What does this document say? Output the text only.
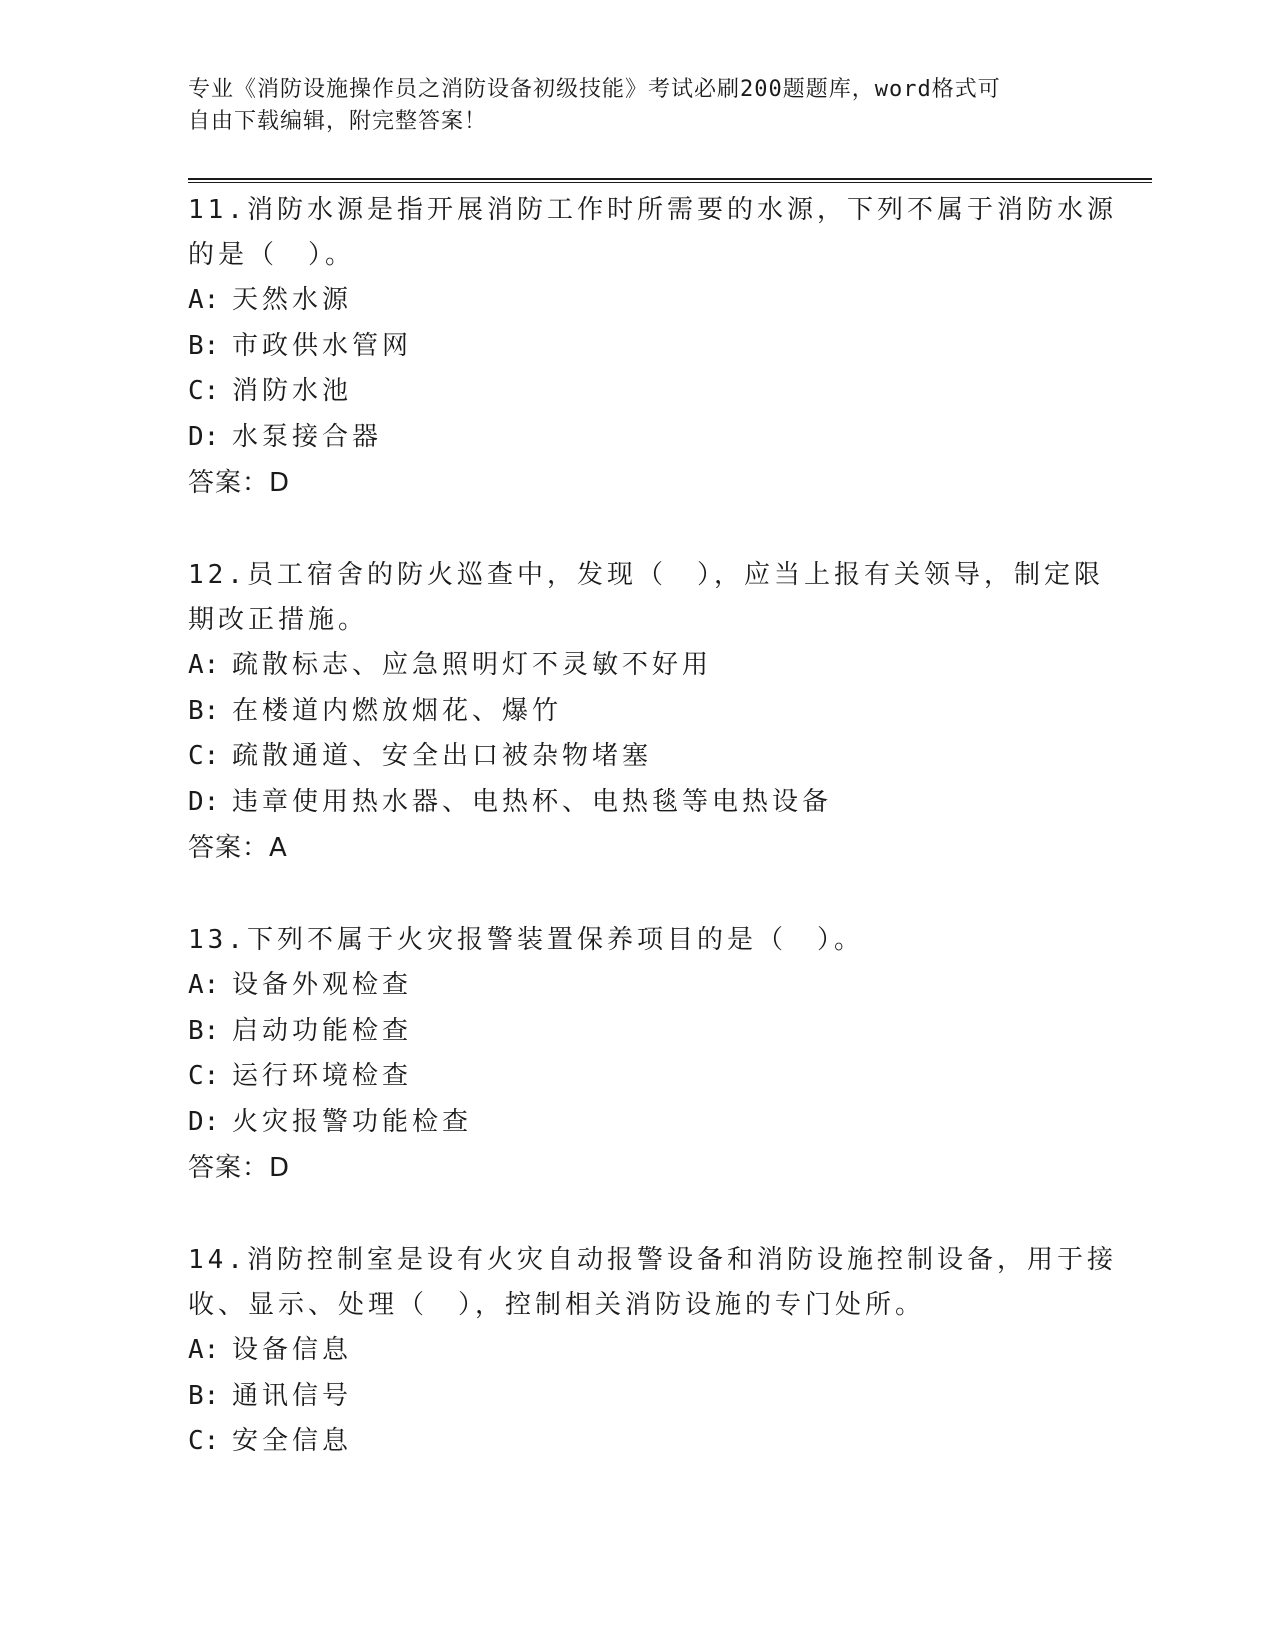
专业《消防设施操作员之消防设备初级技能》考试必刷200题题库，word格式可
自由下载编辑，附完整答案！
11.消防水源是指开展消防工作时所需要的水源，下列不属于消防水源
的是（　）。
A: 天然水源
B: 市政供水管网
C: 消防水池
D: 水泵接合器
答案：D
12.员工宿舍的防火巡查中，发现（　），应当上报有关领导，制定限
期改正措施。
A: 疏散标志、应急照明灯不灵敏不好用
B: 在楼道内燃放烟花、爆竹
C: 疏散通道、安全出口被杂物堵塞
D: 违章使用热水器、电热杯、电热毯等电热设备
答案：A
13.下列不属于火灾报警装置保养项目的是（　）。
A: 设备外观检查
B: 启动功能检查
C: 运行环境检查
D: 火灾报警功能检查
答案：D
14.消防控制室是设有火灾自动报警设备和消防设施控制设备，用于接
收、显示、处理（　），控制相关消防设施的专门处所。
A: 设备信息
B: 通讯信号
C: 安全信息
